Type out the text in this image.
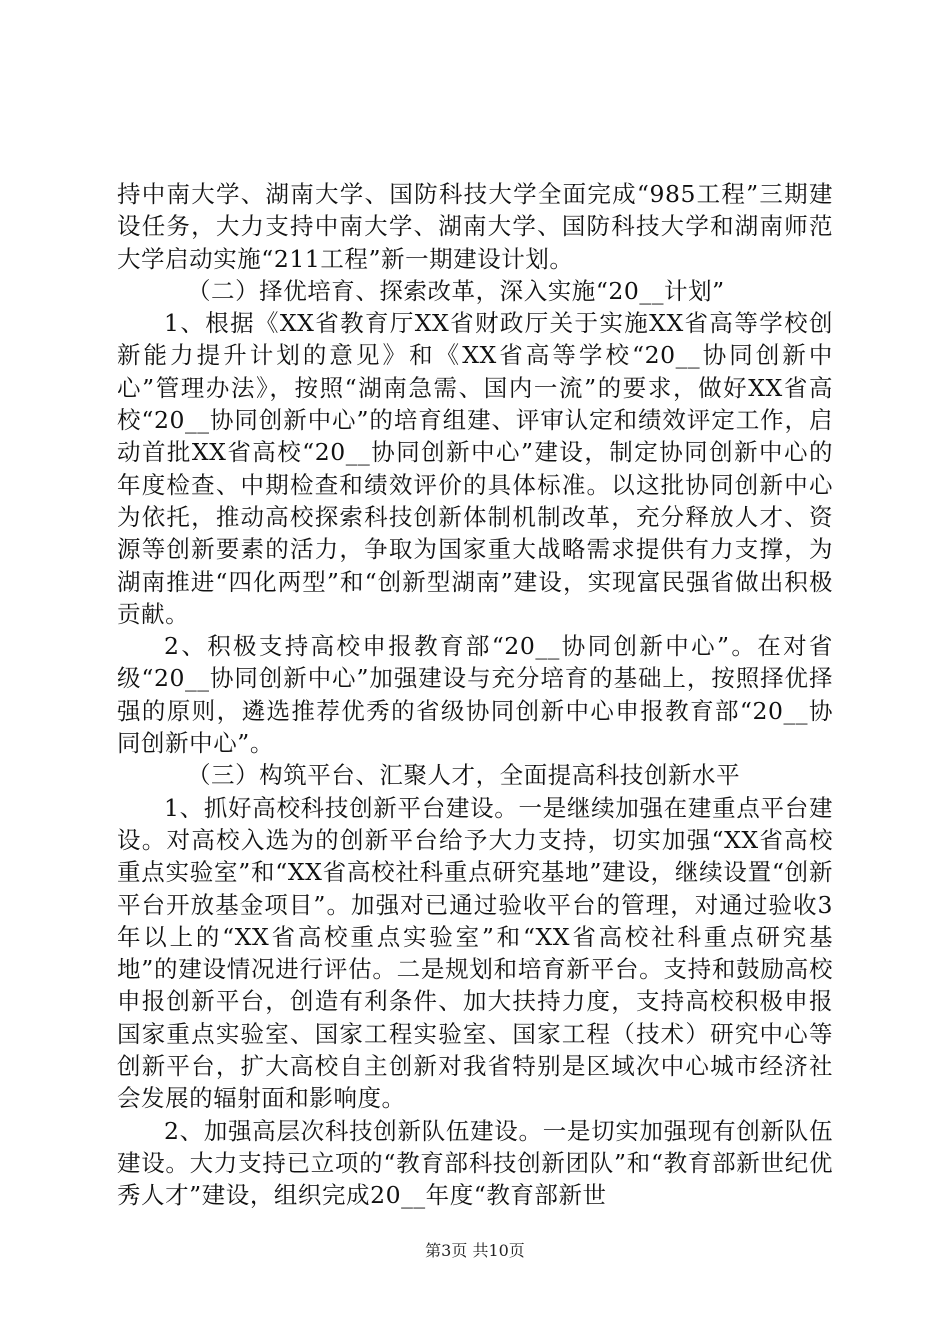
持中南大学、湖南大学、国防科技大学全面完成“985工程”三期建设任务，大力支持中南大学、湖南大学、国防科技大学和湖南师范大学启动实施“211工程”新一期建设计划。

（二）择优培育、探索改革，深入实施“20__计划”

1、根据《XX省教育厅XX省财政厅关于实施XX省高等学校创新能力提升计划的意见》和《XX省高等学校“20__协同创新中心”管理办法》，按照“湖南急需、国内一流”的要求，做好XX省高校“20__协同创新中心”的培育组建、评审认定和绩效评定工作，启动首批XX省高校“20__协同创新中心”建设，制定协同创新中心的年度检查、中期检查和绩效评价的具体标准。以这批协同创新中心为依托，推动高校探索科技创新体制机制改革，充分释放人才、资源等创新要素的活力，争取为国家重大战略需求提供有力支撑，为湖南推进“四化两型”和“创新型湖南”建设，实现富民强省做出积极贡献。

2、积极支持高校申报教育部“20__协同创新中心”。在对省级“20__协同创新中心”加强建设与充分培育的基础上，按照择优择强的原则，遴选推荐优秀的省级协同创新中心申报教育部“20__协同创新中心”。

（三）构筑平台、汇聚人才，全面提高科技创新水平

1、抓好高校科技创新平台建设。一是继续加强在建重点平台建设。对高校入选为的创新平台给予大力支持，切实加强“XX省高校重点实验室”和“XX省高校社科重点研究基地”建设，继续设置“创新平台开放基金项目”。加强对已通过验收平台的管理，对通过验收3年以上的“XX省高校重点实验室”和“XX省高校社科重点研究基地”的建设情况进行评估。二是规划和培育新平台。支持和鼓励高校申报创新平台，创造有利条件、加大扶持力度，支持高校积极申报国家重点实验室、国家工程实验室、国家工程（技术）研究中心等创新平台，扩大高校自主创新对我省特别是区域次中心城市经济社会发展的辐射面和影响度。

2、加强高层次科技创新队伍建设。一是切实加强现有创新队伍建设。大力支持已立项的“教育部科技创新团队”和“教育部新世纪优秀人才”建设，组织完成20__年度“教育部新世

第3页 共10页
